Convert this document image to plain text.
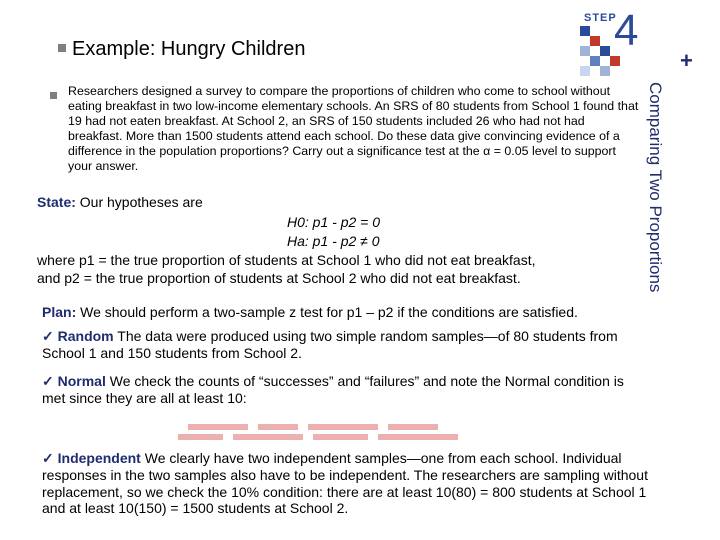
STEP
4
+
Comparing Two Proportions
Example: Hungry Children
Researchers designed a survey to compare the proportions of children who come to school without eating breakfast in two low-income elementary schools. An SRS of 80 students from School 1 found that 19 had not eaten breakfast. At School 2, an SRS of 150 students included 26 who had not had breakfast. More than 1500 students attend each school. Do these data give convincing evidence of a difference in the population proportions? Carry out a significance test at the α = 0.05 level to support your answer.
State: Our hypotheses are
H0: p1 - p2 = 0
Ha: p1 - p2 ≠ 0
where p1 = the true proportion of students at School 1 who did not eat breakfast,
and p2 = the true proportion of students at School 2 who did not eat breakfast.
Plan: We should perform a two-sample z test for p1 – p2 if the conditions are satisfied.
✓ Random The data were produced using two simple random samples—of 80 students from School 1 and 150 students from School 2.
✓ Normal We check the counts of “successes” and “failures” and note the Normal condition is met since they are all at least 10:
✓ Independent We clearly have two independent samples—one from each school. Individual responses in the two samples also have to be independent. The researchers are sampling without replacement, so we check the 10% condition: there are at least 10(80) = 800 students at School 1 and at least 10(150) = 1500 students at School 2.
